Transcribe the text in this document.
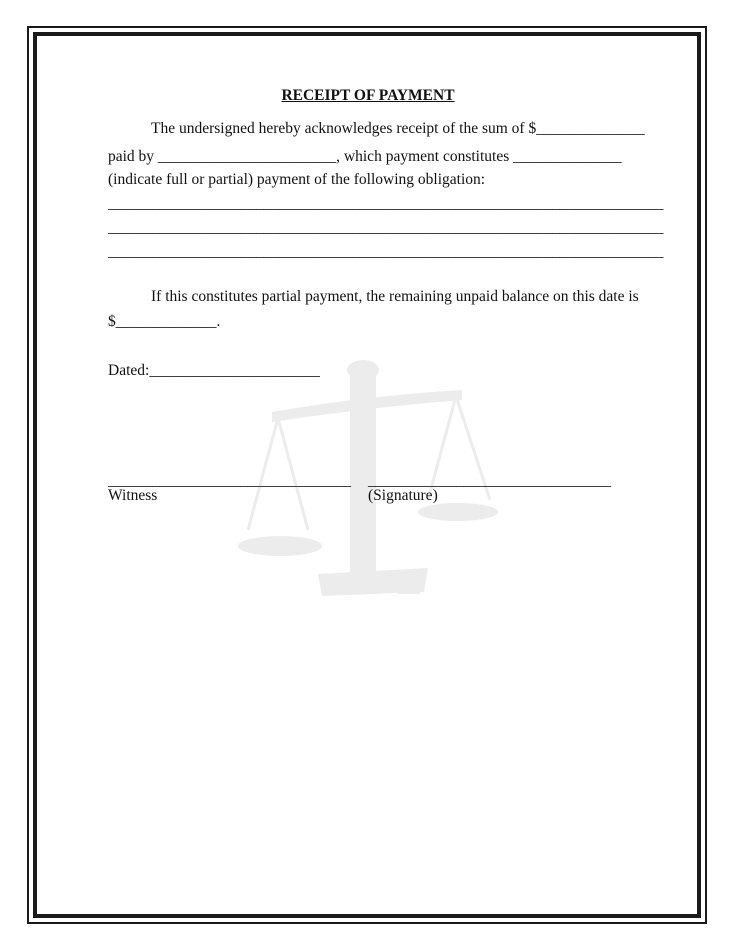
RECEIPT OF PAYMENT
The undersigned hereby acknowledges receipt of the sum of $______________
paid by _______________________, which payment constitutes ______________
(indicate full or partial) payment of the following obligation:
___________________________________________________________________________
___________________________________________________________________________
___________________________________________________________________________
If this constitutes partial payment, the remaining unpaid balance on this date is
$_____________.
Dated:______________________
_________________________________
Witness
_________________________________
(Signature)
